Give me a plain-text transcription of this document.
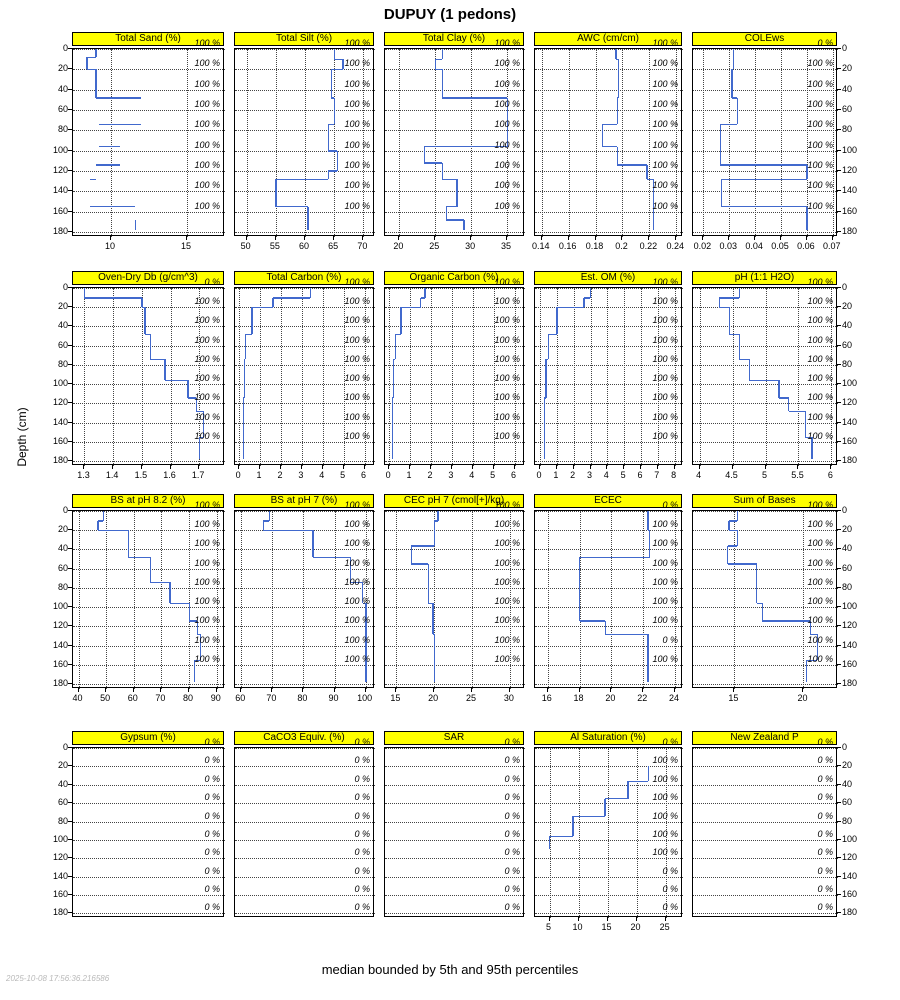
DUPUY (1 pedons)
Depth (cm)
median bounded by 5th and 95th percentiles
2025-10-08 17:56:36.216586
Total Sand (%)	100 %
100 %
100 %
100 %
100 %
100 %
100 %
100 %
100 %
10	15
0
20
40
60
80
100
120
140
160
180
Total Silt (%)	100 %
100 %
100 %
100 %
100 %
100 %
100 %
100 %
100 %
50	55	60	65	70
Total Clay (%)	100 %
100 %
100 %
100 %
100 %
100 %
100 %
100 %
100 %
20	25	30	35
AWC (cm/cm)	100 %
100 %
100 %
100 %
100 %
100 %
100 %
100 %
100 %
0.14	0.16	0.18	0.2	0.22	0.24
COLEws	0 %
100 %
100 %
100 %
100 %
100 %
100 %
100 %
100 %
0.02 0.03 0.04 0.05 0.06 0.07
0
20
40
60
80
100
120
140
160
180
Oven-Dry Db (g/cm^3) 0 %
100 %
100 %
100 %
100 %
100 %
100 %
100 %
100 %
1.3	1.4	1.5	1.6	1.7
0
20
40
60
80
100
120
140
160
180
Total Carbon (%) 100 %
100 %
100 %
100 %
100 %
100 %
100 %
100 %
100 %
0	1	2	3	4	5	6
Organic Carbon (%)
100 %
100 %
100 %
100 %
100 %
100 %
100 %
100 %
100 %
0	1	2	3	4	5	6
Est. OM (%)	100 %
100 %
100 %
100 %
100 %
100 %
100 %
100 %
100 %
0	1	2	3	4	5	6	7	8
pH (1:1 H2O)	100 %
100 %
100 %
100 %
100 %
100 %
100 %
100 %
100 %
4	4.5	5	5.5	6
0
20
40
60
80
100
120
140
160
180
BS at pH 8.2 (%) 100 %
100 %
100 %
100 %
100 %
100 %
100 %
100 %
100 %
40	50	60	70	80	90
0
20
40
60
80
100
120
140
160
180
BS at pH 7 (%) 100 %
100 %
100 %
100 %
100 %
100 %
100 %
100 %
100 %
60	70	80	90	100
CEC pH 7 (cmol[+]/kg)
100 %
100 %
100 %
100 %
100 %
100 %
100 %
100 %
100 %
15	20	25	30
ECEC	0 %
100 %
100 %
100 %
100 %
100 %
100 %
0 %
100 %
16	18	20	22	24
Sum of Bases	100 %
100 %
100 %
100 %
100 %
100 %
100 %
100 %
100 %
15	20
0
20
40
60
80
100
120
140
160
180
Gypsum (%)	0 %
0 %
0 %
0 %
0 %
0 %
0 %
0 %
0 %
0 %
0
20
40
60
80
100
120
140
160
180
CaCO3 Equiv. (%)	0 %
0 %
0 %
0 %
0 %
0 %
0 %
0 %
0 %
0 %
SAR	0 %
0 %
0 %
0 %
0 %
0 %
0 %
0 %
0 %
0 %
Al Saturation (%)	0 %
100 %
100 %
100 %
100 %
100 %
100 %
0 %
0 %
0 %
5	10	15	20	25
New Zealand P	0 %
0 %
0 %
0 %
0 %
0 %
0 %
0 %
0 %
0 %
0
20
40
60
80
100
120
140
160
180
